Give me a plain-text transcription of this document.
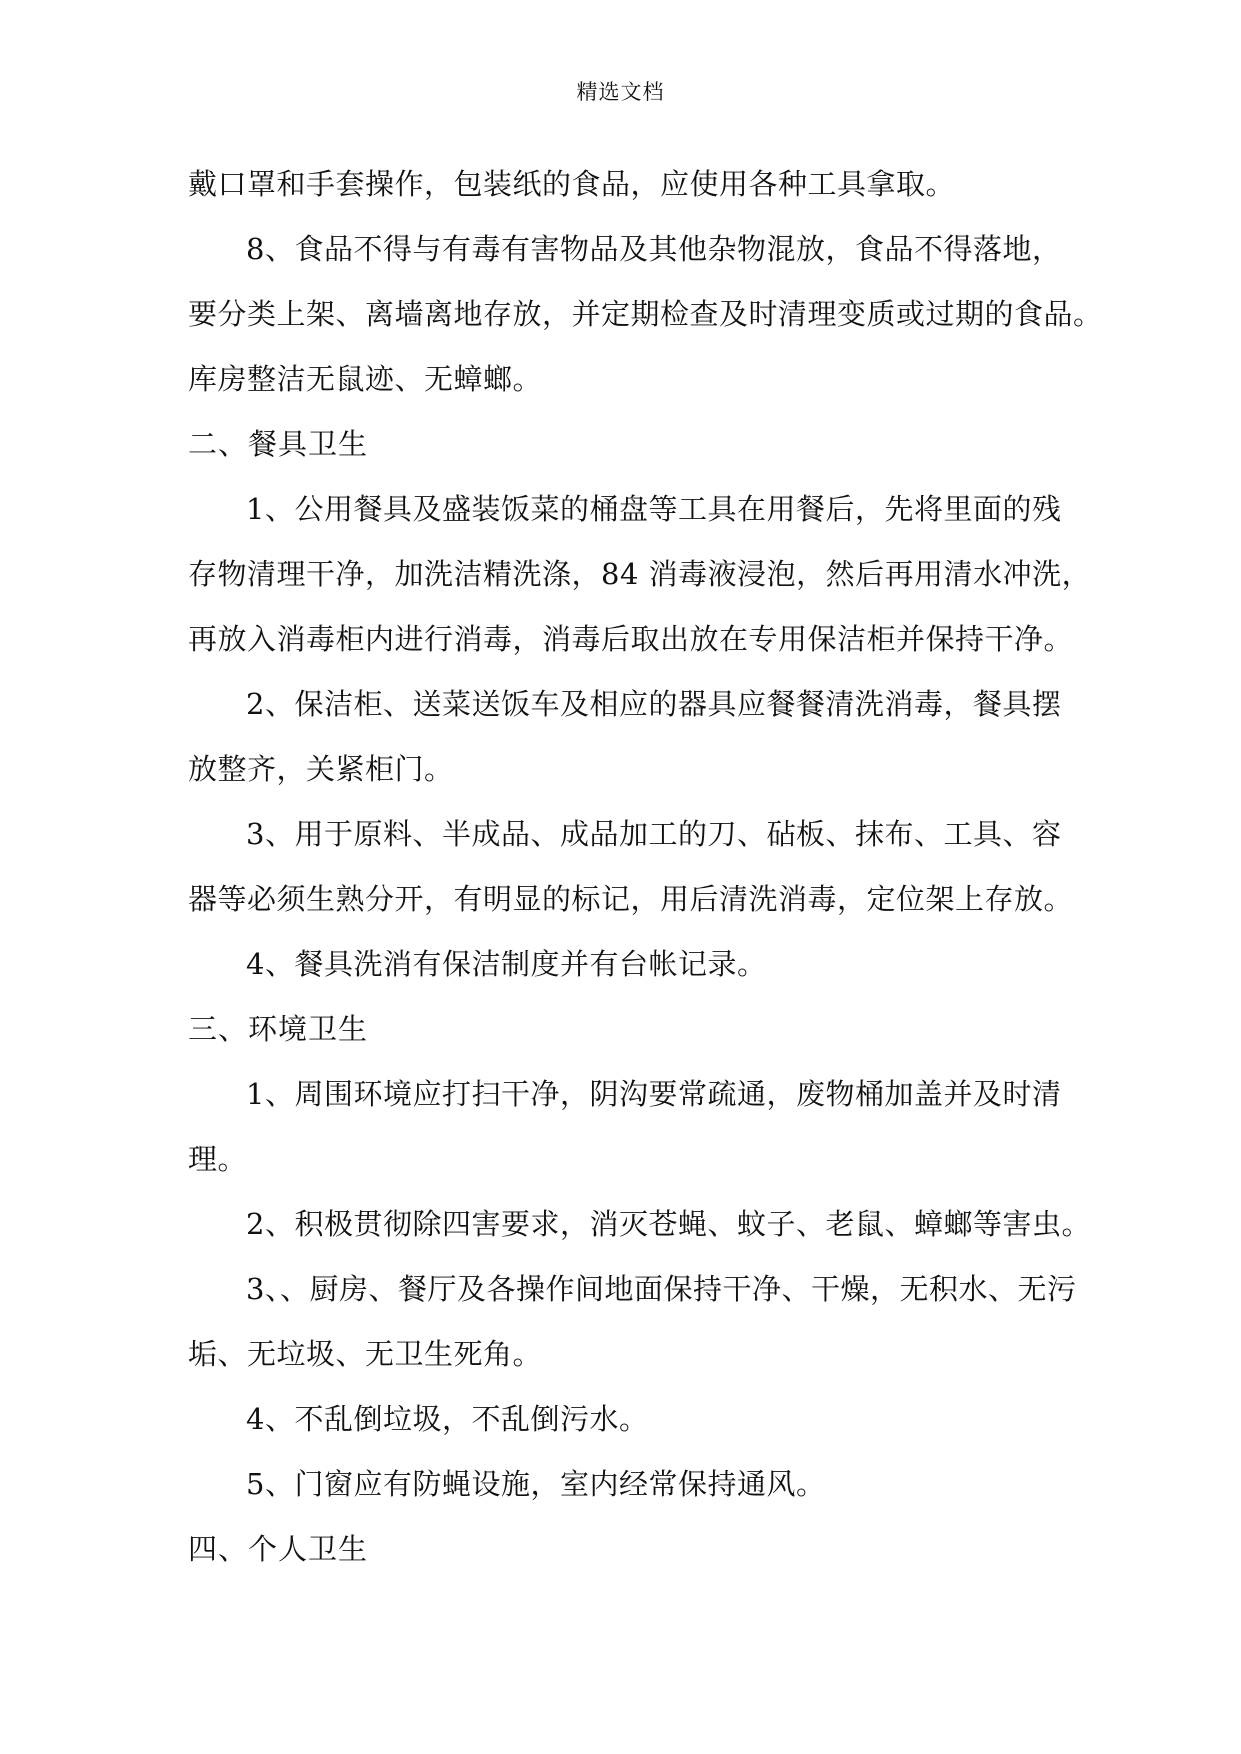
精选文档
戴口罩和手套操作，包装纸的食品，应使用各种工具拿取。
8、食品不得与有毒有害物品及其他杂物混放，食品不得落地，
要分类上架、离墙离地存放，并定期检查及时清理变质或过期的食品。
库房整洁无鼠迹、无蟑螂。
二、餐具卫生
1、公用餐具及盛装饭菜的桶盘等工具在用餐后，先将里面的残
存物清理干净，加洗洁精洗涤，84 消毒液浸泡，然后再用清水冲洗，
再放入消毒柜内进行消毒，消毒后取出放在专用保洁柜并保持干净。
2、保洁柜、送菜送饭车及相应的器具应餐餐清洗消毒，餐具摆
放整齐，关紧柜门。
3、用于原料、半成品、成品加工的刀、砧板、抹布、工具、容
器等必须生熟分开，有明显的标记，用后清洗消毒，定位架上存放。
4、餐具洗消有保洁制度并有台帐记录。
三、环境卫生
1、周围环境应打扫干净，阴沟要常疏通，废物桶加盖并及时清
理。
2、积极贯彻除四害要求，消灭苍蝇、蚊子、老鼠、蟑螂等害虫。
3、、厨房、餐厅及各操作间地面保持干净、干燥，无积水、无污
垢、无垃圾、无卫生死角。
4、不乱倒垃圾，不乱倒污水。
5、门窗应有防蝇设施，室内经常保持通风。
四、个人卫生
